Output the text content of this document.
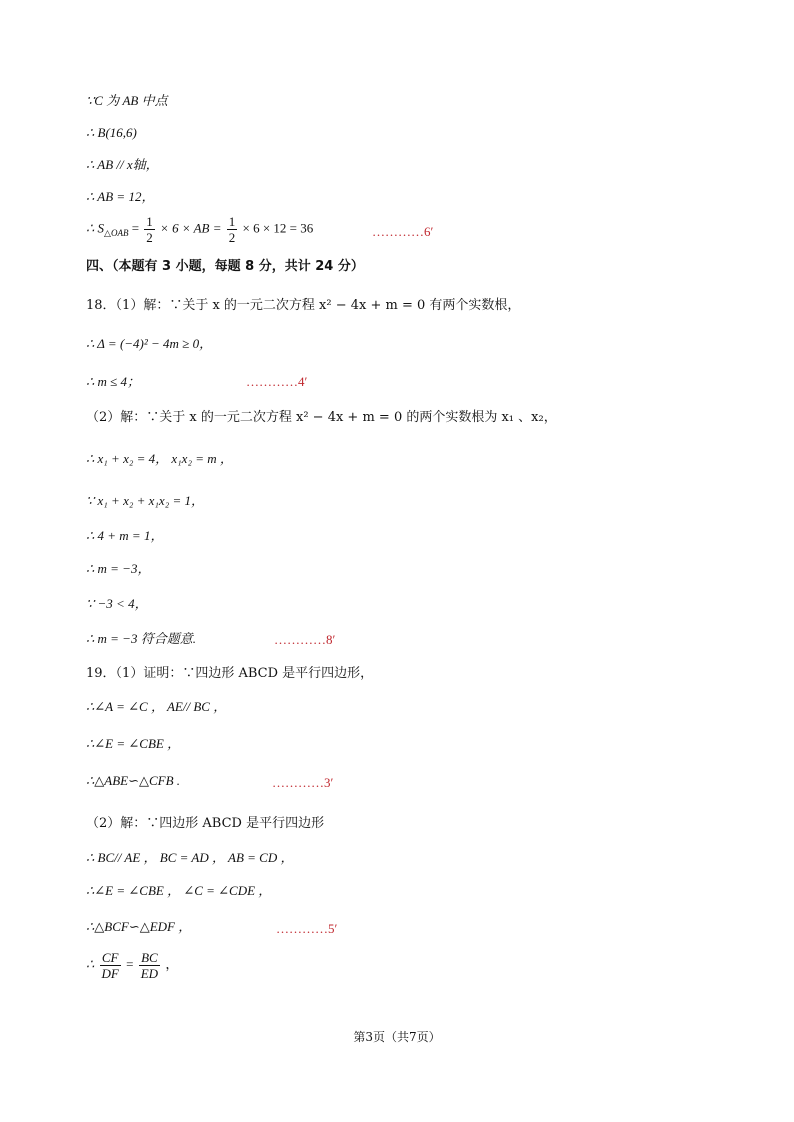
∵C 为 AB 中点
∴ B(16,6)
∴ AB // x轴，
∴ AB = 12，
∴ $S_{\triangle OAB} = \frac{1}{2} \times 6$ × AB = $\frac{1}{2} \times 6 \times 12 = 36$	…………6′
四、（本题有 3 小题，每题 8 分，共计 24 分）
18．（1）解：∵关于 x 的一元二次方程 x² − 4x + m = 0 有两个实数根，
∴ Δ = (−4)² − 4m ≥ 0，
∴ m ≤ 4；	…………4′
（2）解：∵关于 x 的一元二次方程 x² − 4x + m = 0 的两个实数根为 x₁ 、x₂，
∴ x₁ + x₂ = 4， x₁x₂ = m ，
∵ x₁ + x₂ + x₁x₂ = 1，
∴ 4 + m = 1，
∴ m = −3，
∵ −3 < 4，
∴ m = −3 符合题意.	…………8′
19．（1）证明：∵四边形 ABCD 是平行四边形，
∴∠A = ∠C ， AE// BC ，
∴∠E = ∠CBE ，
∴△ABE∽△CFB .	…………3′
（2）解：∵四边形 ABCD 是平行四边形
∴ BC// AE ， BC = AD ， AB = CD ，
∴∠E = ∠CBE ， ∠C = ∠CDE ，
∴△BCF∽△EDF ，	…………5′
∴ $\frac{CF}{DF} = \frac{BC}{ED}$ ，
第3页（共7页）
